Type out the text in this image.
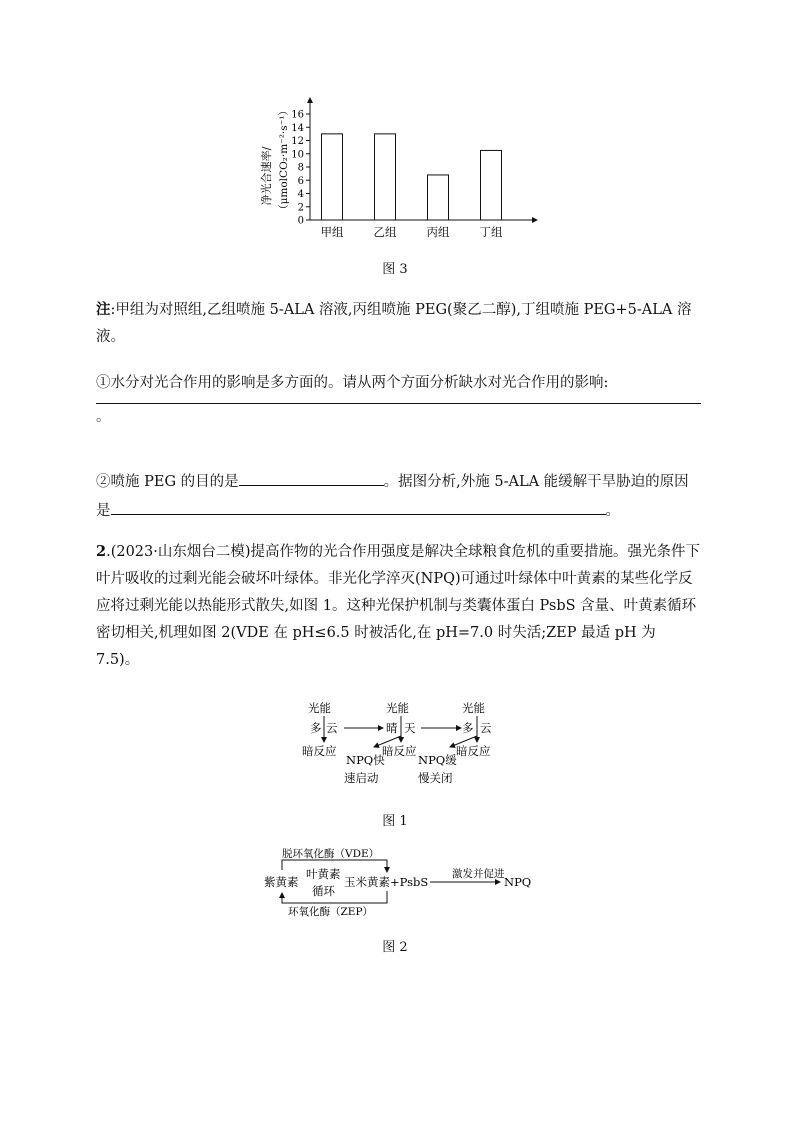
净光合速率/ （μmolCO₂·m⁻²·s⁻¹）
0
2
4
6
8
10
12
14
16
甲组	乙组	丙组	丁组
图 3

注:甲组为对照组,乙组喷施 5-ALA 溶液,丙组喷施 PEG(聚乙二醇),丁组喷施 PEG+5-ALA 溶液。

①水分对光合作用的影响是多方面的。请从两个方面分析缺水对光合作用的影响:
。

②喷施 PEG 的目的是	。据图分析,外施 5-ALA 能缓解干旱胁迫的原因是	。

2.(2023·山东烟台二模)提高作物的光合作用强度是解决全球粮食危机的重要措施。强光条件下叶片吸收的过剩光能会破坏叶绿体。非光化学淬灭(NPQ)可通过叶绿体中叶黄素的某些化学反应将过剩光能以热能形式散失,如图 1。这种光保护机制与类囊体蛋白 PsbS 含量、叶黄素循环密切相关,机理如图 2(VDE 在 pH≤6.5 时被活化,在 pH=7.0 时失活;ZEP 最适 pH 为 7.5)。

光能
多 云
暗反应
光能
晴 天
暗反应
NPQ快
速启动
光能
多 云
暗反应
NPQ缓
慢关闭
图 1
脱环氧化酶（VDE）
紫黄素
叶黄素
循环
玉米黄素+PsbS
环氧化酶（ZEP）
激发并促进
NPQ
图 2
